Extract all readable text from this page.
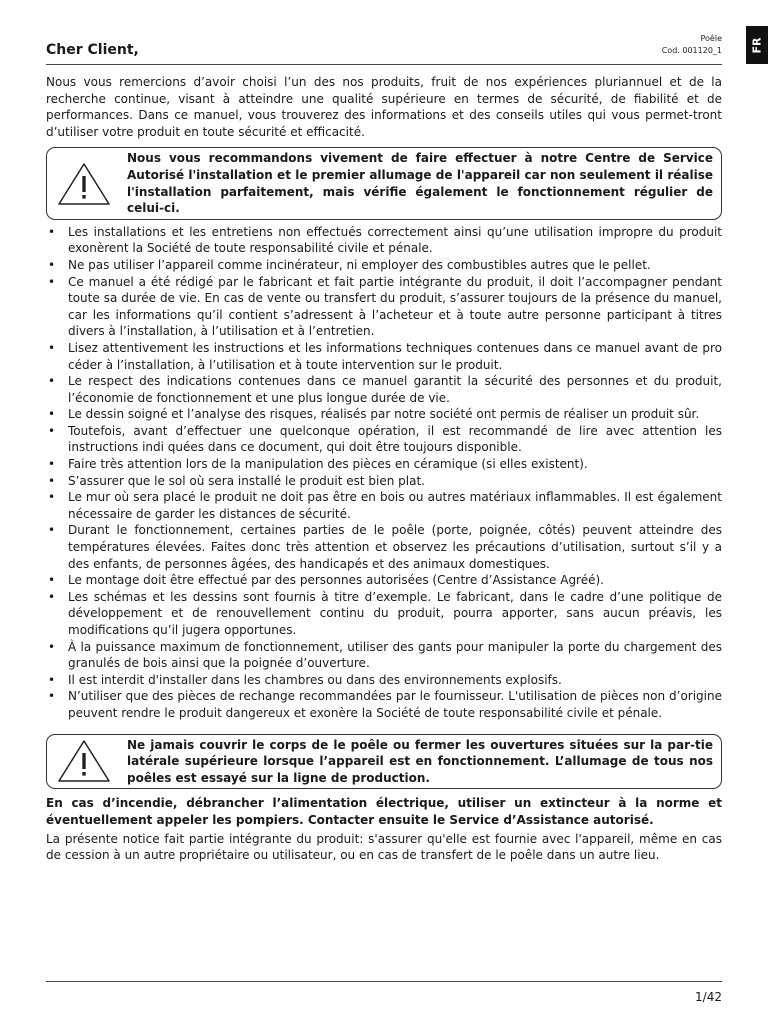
Cher Client,
Poêle
Cod. 001120_1	FR

Nous vous remercions d’avoir choisi l’un des nos produits, fruit de nos expériences pluriannuel et de la recherche continue, visant à atteindre une qualité supérieure en termes de sécurité, de fiabilité et de performances. Dans ce manuel, vous trouverez des informations et des conseils utiles qui vous permet-tront d’utiliser votre produit en toute sécurité et efficacité.

Nous vous recommandons vivement de faire effectuer à notre Centre de Service Autorisé l'installation et le premier allumage de l'appareil car non seulement il réalise l'installation parfaitement, mais vérifie également le fonctionnement régulier de celui-ci.
• Les installations et les entretiens non effectués correctement ainsi qu’une utilisation impropre du produit exonèrent la Société de toute responsabilité civile et pénale.
• Ne pas utiliser l’appareil comme incinérateur, ni employer des combustibles autres que le pellet.
• Ce manuel a été rédigé par le fabricant et fait partie intégrante du produit, il doit l’accompagner pendant toute sa durée de vie. En cas de vente ou transfert du produit, s’assurer toujours de la présence du manuel, car les informations qu’il contient s’adressent à l’acheteur et à toute autre personne participant à titres divers à l’installation, à l’utilisation et à l’entretien.
• Lisez attentivement les instructions et les informations techniques contenues dans ce manuel avant de pro céder à l’installation, à l’utilisation et à toute intervention sur le produit.
• Le respect des indications contenues dans ce manuel garantit la sécurité des personnes et du produit, l’économie de fonctionnement et une plus longue durée de vie.
• Le dessin soigné et l’analyse des risques, réalisés par notre société ont permis de réaliser un produit sûr.
• Toutefois, avant d’effectuer une quelconque opération, il est recommandé de lire avec attention les instructions indi quées dans ce document, qui doit être toujours disponible.
• Faire très attention lors de la manipulation des pièces en céramique (si elles existent).
• S’assurer que le sol où sera installé le produit est bien plat.
• Le mur où sera placé le produit ne doit pas être en bois ou autres matériaux inflammables. Il est également nécessaire de garder les distances de sécurité.
• Durant le fonctionnement, certaines parties de le poêle (porte, poignée, côtés) peuvent atteindre des températures élevées. Faites donc très attention et observez les précautions d’utilisation, surtout s’il y a des enfants, de personnes âgées, des handicapés et des animaux domestiques.
• Le montage doit être effectué par des personnes autorisées (Centre d’Assistance Agréé).
• Les schémas et les dessins sont fournis à titre d’exemple. Le fabricant, dans le cadre d’une politique de développement et de renouvellement continu du produit, pourra apporter, sans aucun préavis, les modifications qu’il jugera opportunes.
• À la puissance maximum de fonctionnement, utiliser des gants pour manipuler la porte du chargement des granulés de bois ainsi que la poignée d’ouverture.
• Il est interdit d'installer dans les chambres ou dans des environnements explosifs.
• N’utiliser que des pièces de rechange recommandées par le fournisseur. L'utilisation de pièces non d’origine peuvent rendre le produit dangereux et exonère la Société de toute responsabilité civile et pénale.
Ne jamais couvrir le corps de le poêle ou fermer les ouvertures situées sur la par-tie latérale supérieure lorsque l’appareil est en fonctionnement. L’allumage de tous nos poêles est essayé sur la ligne de production.

En cas d’incendie, débrancher l’alimentation électrique, utiliser un extincteur à la norme et éventuellement appeler les pompiers. Contacter ensuite le Service d’Assistance autorisé.

La présente notice fait partie intégrante du produit: s'assurer qu'elle est fournie avec l'appareil, même en cas de cession à un autre propriétaire ou utilisateur, ou en cas de transfert de le poêle dans un autre lieu.

1/42
